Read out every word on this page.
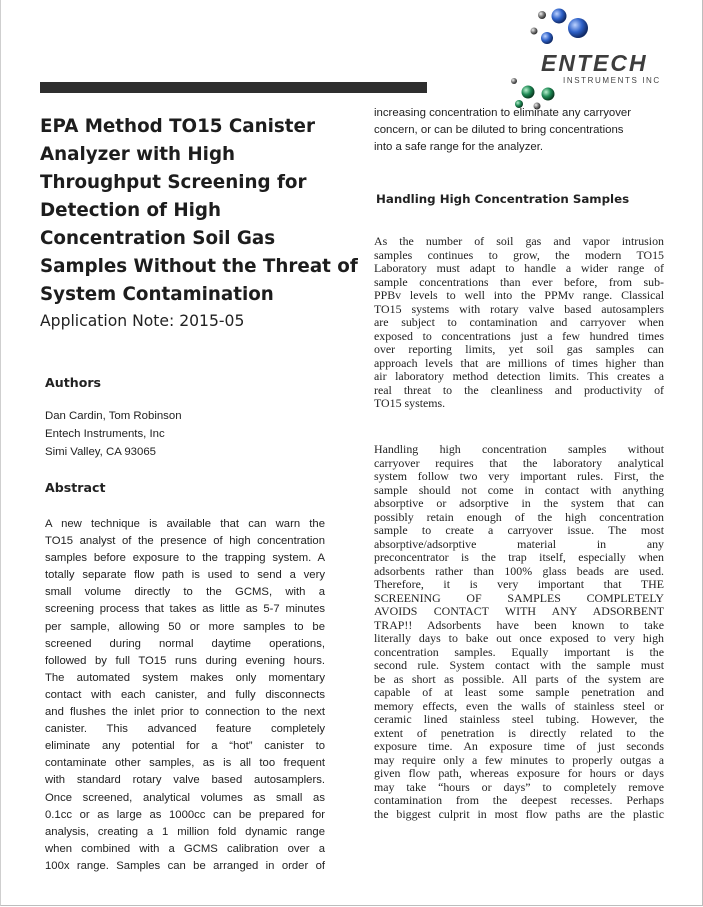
ENTECH
INSTRUMENTS INC
EPA Method TO15 Canister Analyzer with High Throughput Screening for Detection of High Concentration Soil Gas Samples Without the Threat of System Contamination

Application Note: 2015-05

Authors
Dan Cardin, Tom Robinson
Entech Instruments, Inc
Simi Valley, CA 93065
Abstract
A new technique is available that can warn the
TO15 analyst of the presence of high concentration
samples before exposure to the trapping system. A
totally separate flow path is used to send a very
small volume directly to the GCMS, with a
screening process that takes as little as 5-7 minutes
per sample, allowing 50 or more samples to be
screened during normal daytime operations,
followed by full TO15 runs during evening hours.
The automated system makes only momentary
contact with each canister, and fully disconnects
and flushes the inlet prior to connection to the next
canister. This advanced feature completely
eliminate any potential for a “hot” canister to
contaminate other samples, as is all too frequent
with standard rotary valve based autosamplers.
Once screened, analytical volumes as small as
0.1cc or as large as 1000cc can be prepared for
analysis, creating a 1 million fold dynamic range
when combined with a GCMS calibration over a
100x range. Samples can be arranged in order of
increasing concentration to eliminate any carryover
concern, or can be diluted to bring concentrations
into a safe range for the analyzer.
Handling High Concentration Samples
As the number of soil gas and vapor intrusion
samples continues to grow, the modern TO15
Laboratory must adapt to handle a wider range of
sample concentrations than ever before, from sub-
PPBv levels to well into the PPMv range. Classical
TO15 systems with rotary valve based autosamplers
are subject to contamination and carryover when
exposed to concentrations just a few hundred times
over reporting limits, yet soil gas samples can
approach levels that are millions of times higher than
air laboratory method detection limits. This creates a
real threat to the cleanliness and productivity of
TO15 systems.
Handling high concentration samples without
carryover requires that the laboratory analytical
system follow two very important rules. First, the
sample should not come in contact with anything
absorptive or adsorptive in the system that can
possibly retain enough of the high concentration
sample to create a carryover issue. The most
absorptive/adsorptive material in any
preconcentrator is the trap itself, especially when
adsorbents rather than 100% glass beads are used.
Therefore, it is very important that THE
SCREENING OF SAMPLES COMPLETELY
AVOIDS CONTACT WITH ANY ADSORBENT
TRAP!! Adsorbents have been known to take
literally days to bake out once exposed to very high
concentration samples. Equally important is the
second rule. System contact with the sample must
be as short as possible. All parts of the system are
capable of at least some sample penetration and
memory effects, even the walls of stainless steel or
ceramic lined stainless steel tubing. However, the
extent of penetration is directly related to the
exposure time. An exposure time of just seconds
may require only a few minutes to properly outgas a
given flow path, whereas exposure for hours or days
may take “hours or days” to completely remove
contamination from the deepest recesses. Perhaps
the biggest culprit in most flow paths are the plastic
